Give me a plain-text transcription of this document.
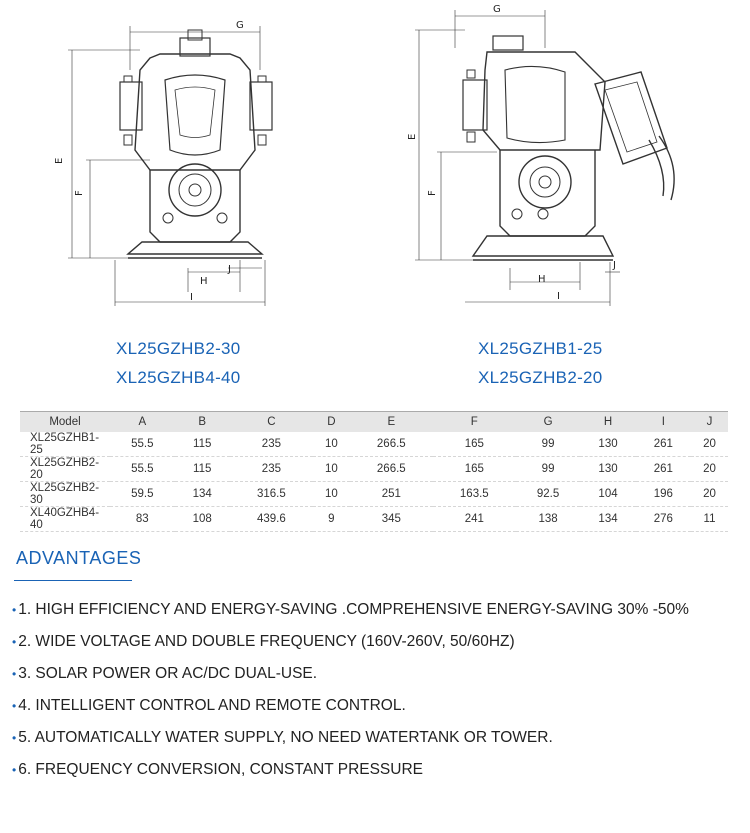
G
E
F
H
J
I
G
E
F
H
J
I
XL25GZHB2-30
XL25GZHB4-40
XL25GZHB1-25
XL25GZHB2-20
Model	A	B	C	D	E	F	G	H	I	J
XL25GZHB1-25	55.5	115	235	10	266.5	165	99	130	261	20
XL25GZHB2-20	55.5	115	235	10	266.5	165	99	130	261	20
XL25GZHB2-30	59.5	134	316.5	10	251	163.5	92.5	104	196	20
XL40GZHB4-40	83	108	439.6	9	345	241	138	134	276	11
ADVANTAGES
• 1. HIGH EFFICIENCY AND ENERGY-SAVING .COMPREHENSIVE ENERGY-SAVING 30% -50%
• 2. WIDE VOLTAGE AND DOUBLE FREQUENCY (160V-260V, 50/60HZ)
• 3. SOLAR POWER OR AC/DC DUAL-USE.
• 4. INTELLIGENT CONTROL AND REMOTE CONTROL.
• 5. AUTOMATICALLY WATER SUPPLY, NO NEED WATERTANK OR TOWER.
• 6. FREQUENCY CONVERSION, CONSTANT PRESSURE
